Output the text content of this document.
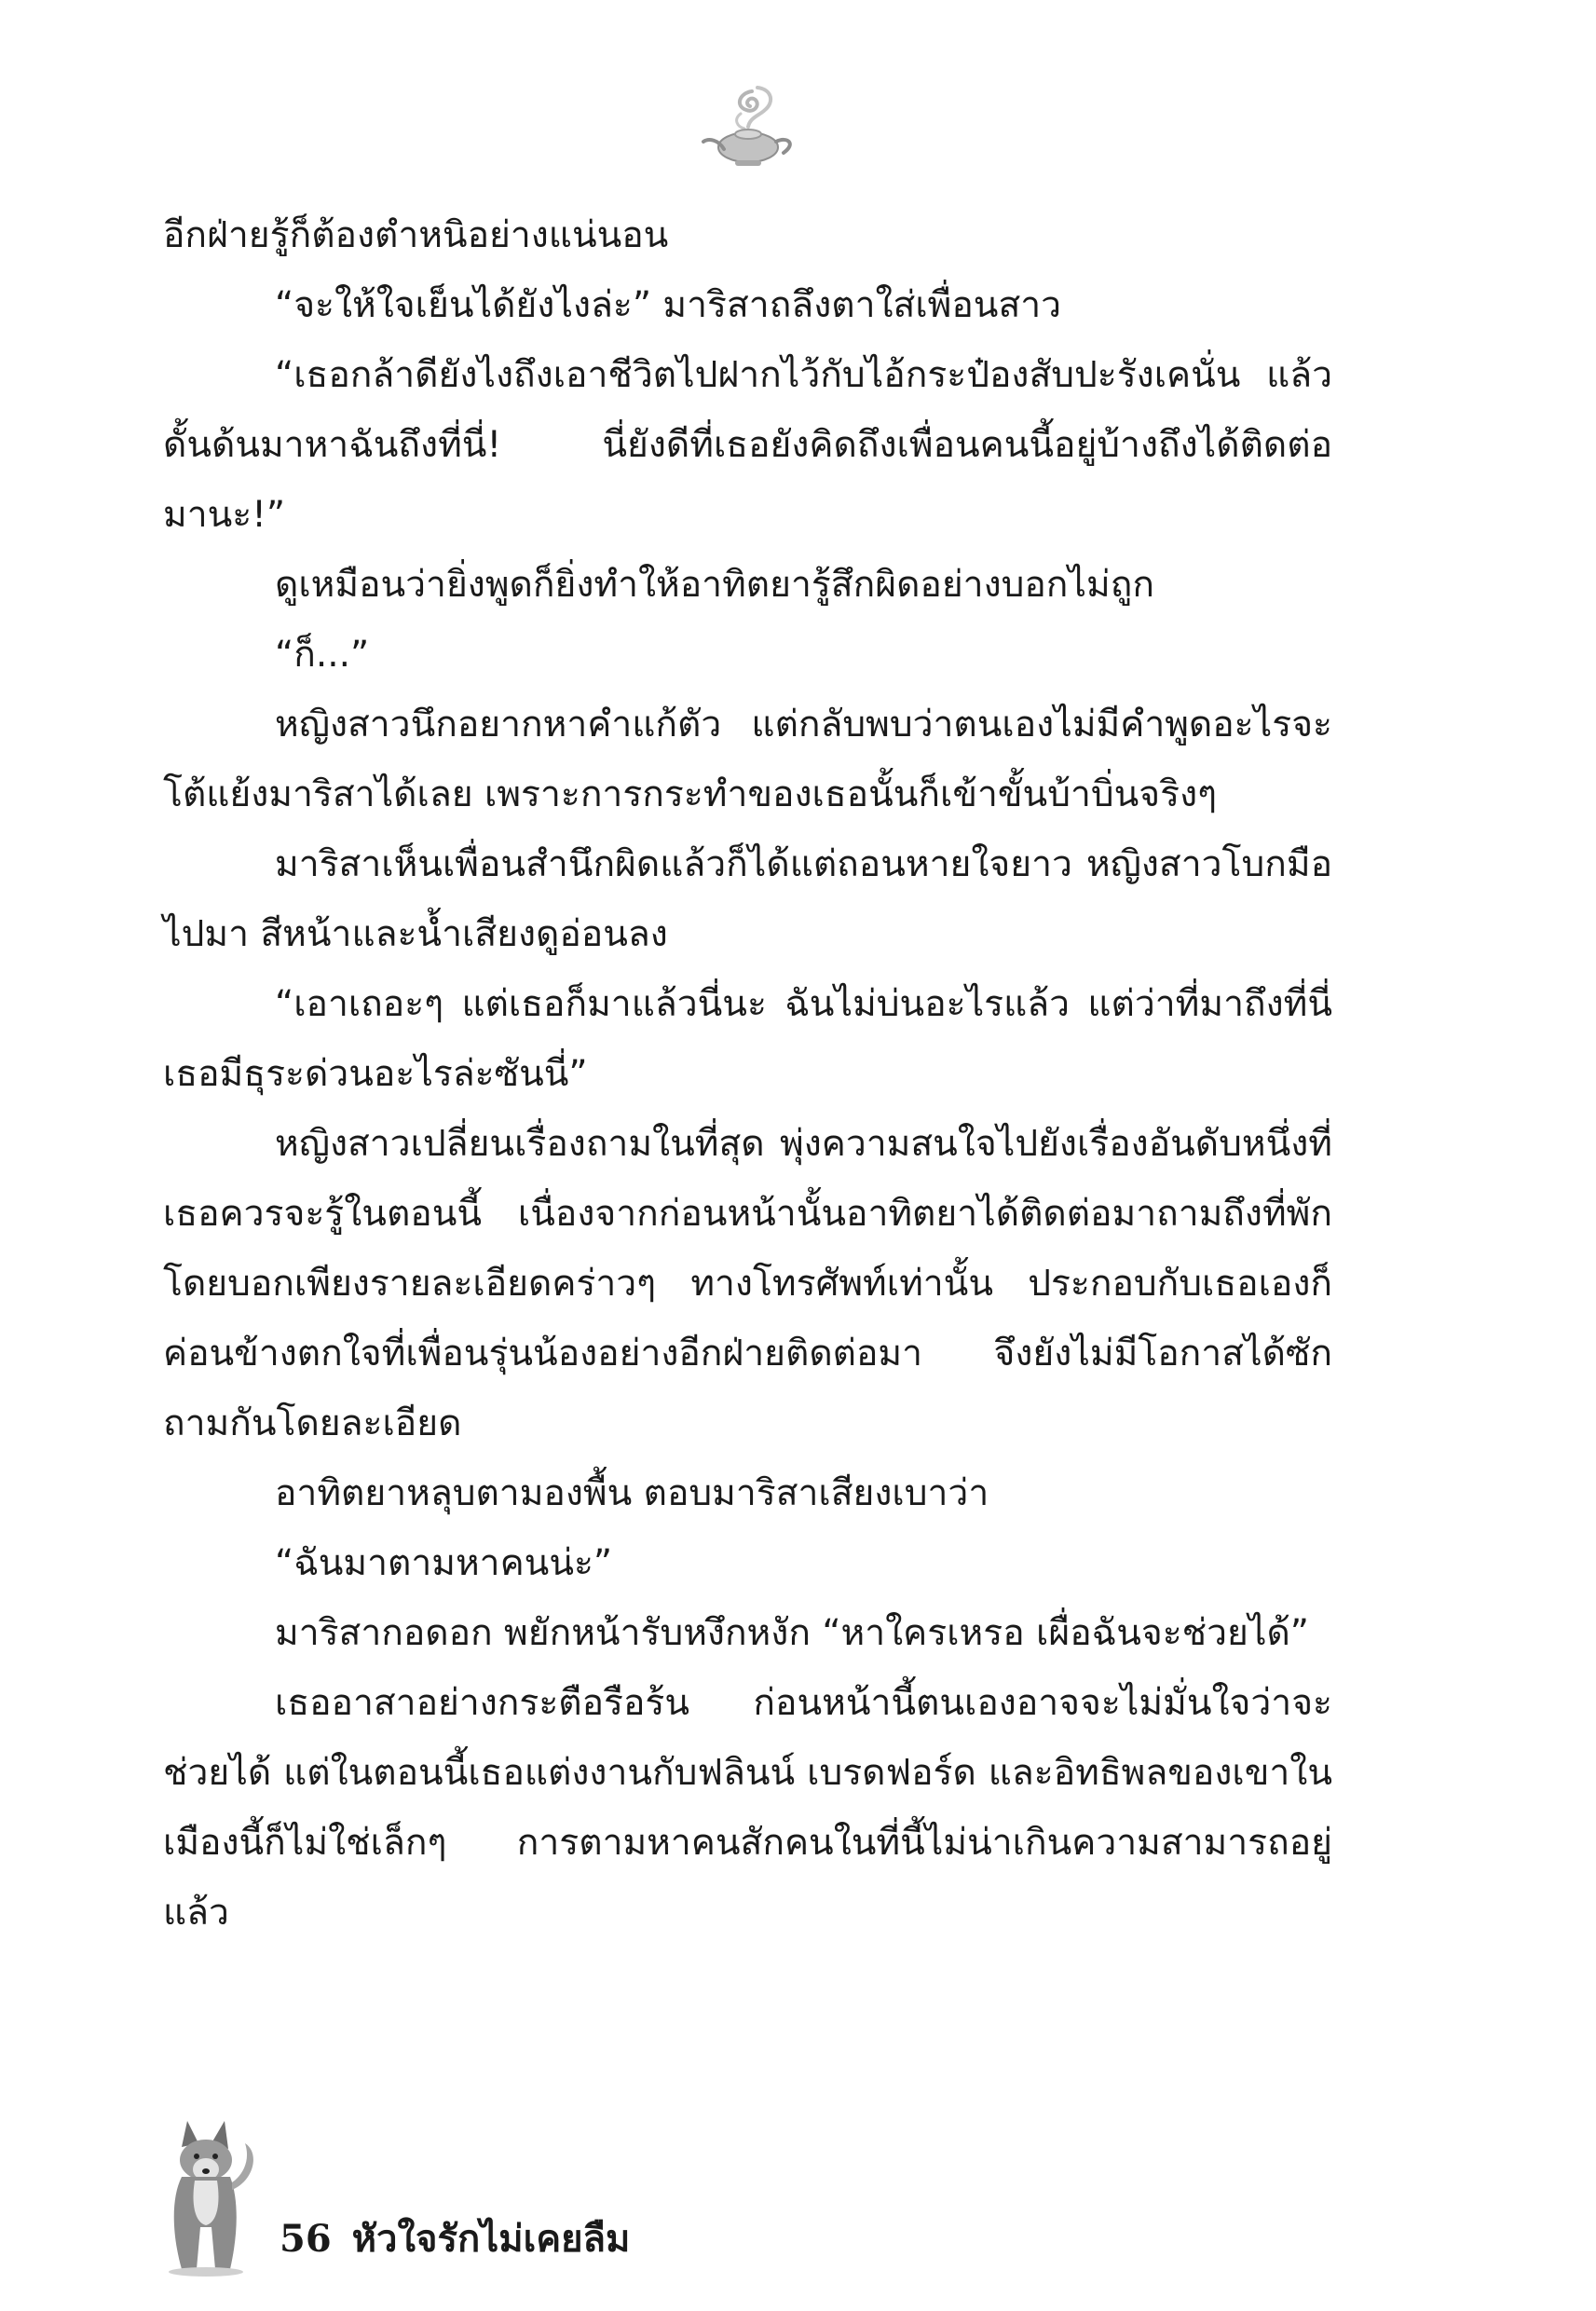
อีกฝ่ายรู้ก็ต้องตำหนิอย่างแน่นอน

“จะให้ใจเย็นได้ยังไงล่ะ” มาริสาถลึงตาใส่เพื่อนสาว

“เธอกล้าดียังไงถึงเอาชีวิตไปฝากไว้กับไอ้กระป๋องสับปะรังเคนั่น แล้วดั้นด้นมาหาฉันถึงที่นี่! นี่ยังดีที่เธอยังคิดถึงเพื่อนคนนี้อยู่บ้างถึงได้ติดต่อมานะ!”

ดูเหมือนว่ายิ่งพูดก็ยิ่งทำให้อาทิตยารู้สึกผิดอย่างบอกไม่ถูก

“ก็...”

หญิงสาวนึกอยากหาคำแก้ตัว แต่กลับพบว่าตนเองไม่มีคำพูดอะไรจะโต้แย้งมาริสาได้เลย เพราะการกระทำของเธอนั้นก็เข้าขั้นบ้าบิ่นจริงๆ

มาริสาเห็นเพื่อนสำนึกผิดแล้วก็ได้แต่ถอนหายใจยาว หญิงสาวโบกมือไปมา สีหน้าและน้ำเสียงดูอ่อนลง

“เอาเถอะๆ แต่เธอก็มาแล้วนี่นะ ฉันไม่บ่นอะไรแล้ว แต่ว่าที่มาถึงที่นี่เธอมีธุระด่วนอะไรล่ะซันนี่”

หญิงสาวเปลี่ยนเรื่องถามในที่สุด พุ่งความสนใจไปยังเรื่องอันดับหนึ่งที่เธอควรจะรู้ในตอนนี้ เนื่องจากก่อนหน้านั้นอาทิตยาได้ติดต่อมาถามถึงที่พักโดยบอกเพียงรายละเอียดคร่าวๆ ทางโทรศัพท์เท่านั้น ประกอบกับเธอเองก็ค่อนข้างตกใจที่เพื่อนรุ่นน้องอย่างอีกฝ่ายติดต่อมา จึงยังไม่มีโอกาสได้ซักถามกันโดยละเอียด

อาทิตยาหลุบตามองพื้น ตอบมาริสาเสียงเบาว่า

“ฉันมาตามหาคนน่ะ”

มาริสากอดอก พยักหน้ารับหงึกหงัก “หาใครเหรอ เผื่อฉันจะช่วยได้”

เธออาสาอย่างกระตือรือร้น ก่อนหน้านี้ตนเองอาจจะไม่มั่นใจว่าจะช่วยได้ แต่ในตอนนี้เธอแต่งงานกับฟลินน์ เบรดฟอร์ด และอิทธิพลของเขาในเมืองนี้ก็ไม่ใช่เล็กๆ การตามหาคนสักคนในที่นี้ไม่น่าเกินความสามารถอยู่แล้ว

56 หัวใจรักไม่เคยลืม
